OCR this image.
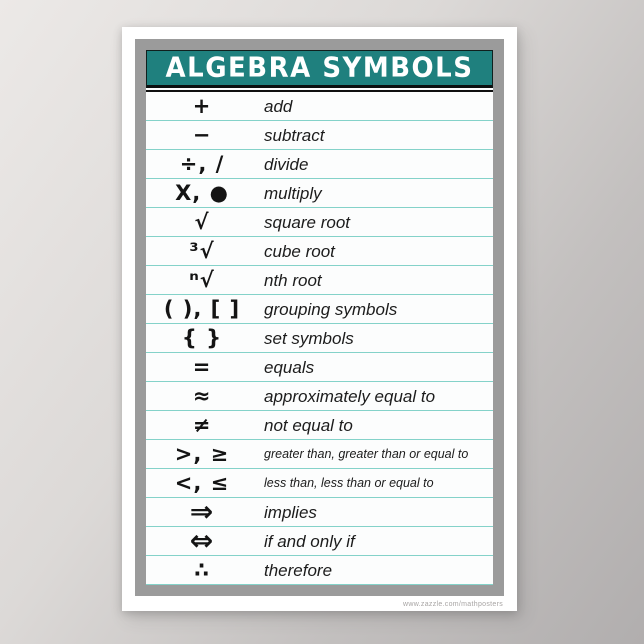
ALGEBRA SYMBOLS
+	add
−	subtract
÷, /	divide
X, ●	multiply
√	square root
³√	cube root
ⁿ√	nth root
( ), [ ]	grouping symbols
{ }	set symbols
=	equals
≈	approximately equal to
≠	not equal to
>, ≥	greater than, greater than or equal to
<, ≤	less than, less than or equal to
⇒	implies
⇔	if and only if
∴	therefore
www.zazzle.com/mathposters
